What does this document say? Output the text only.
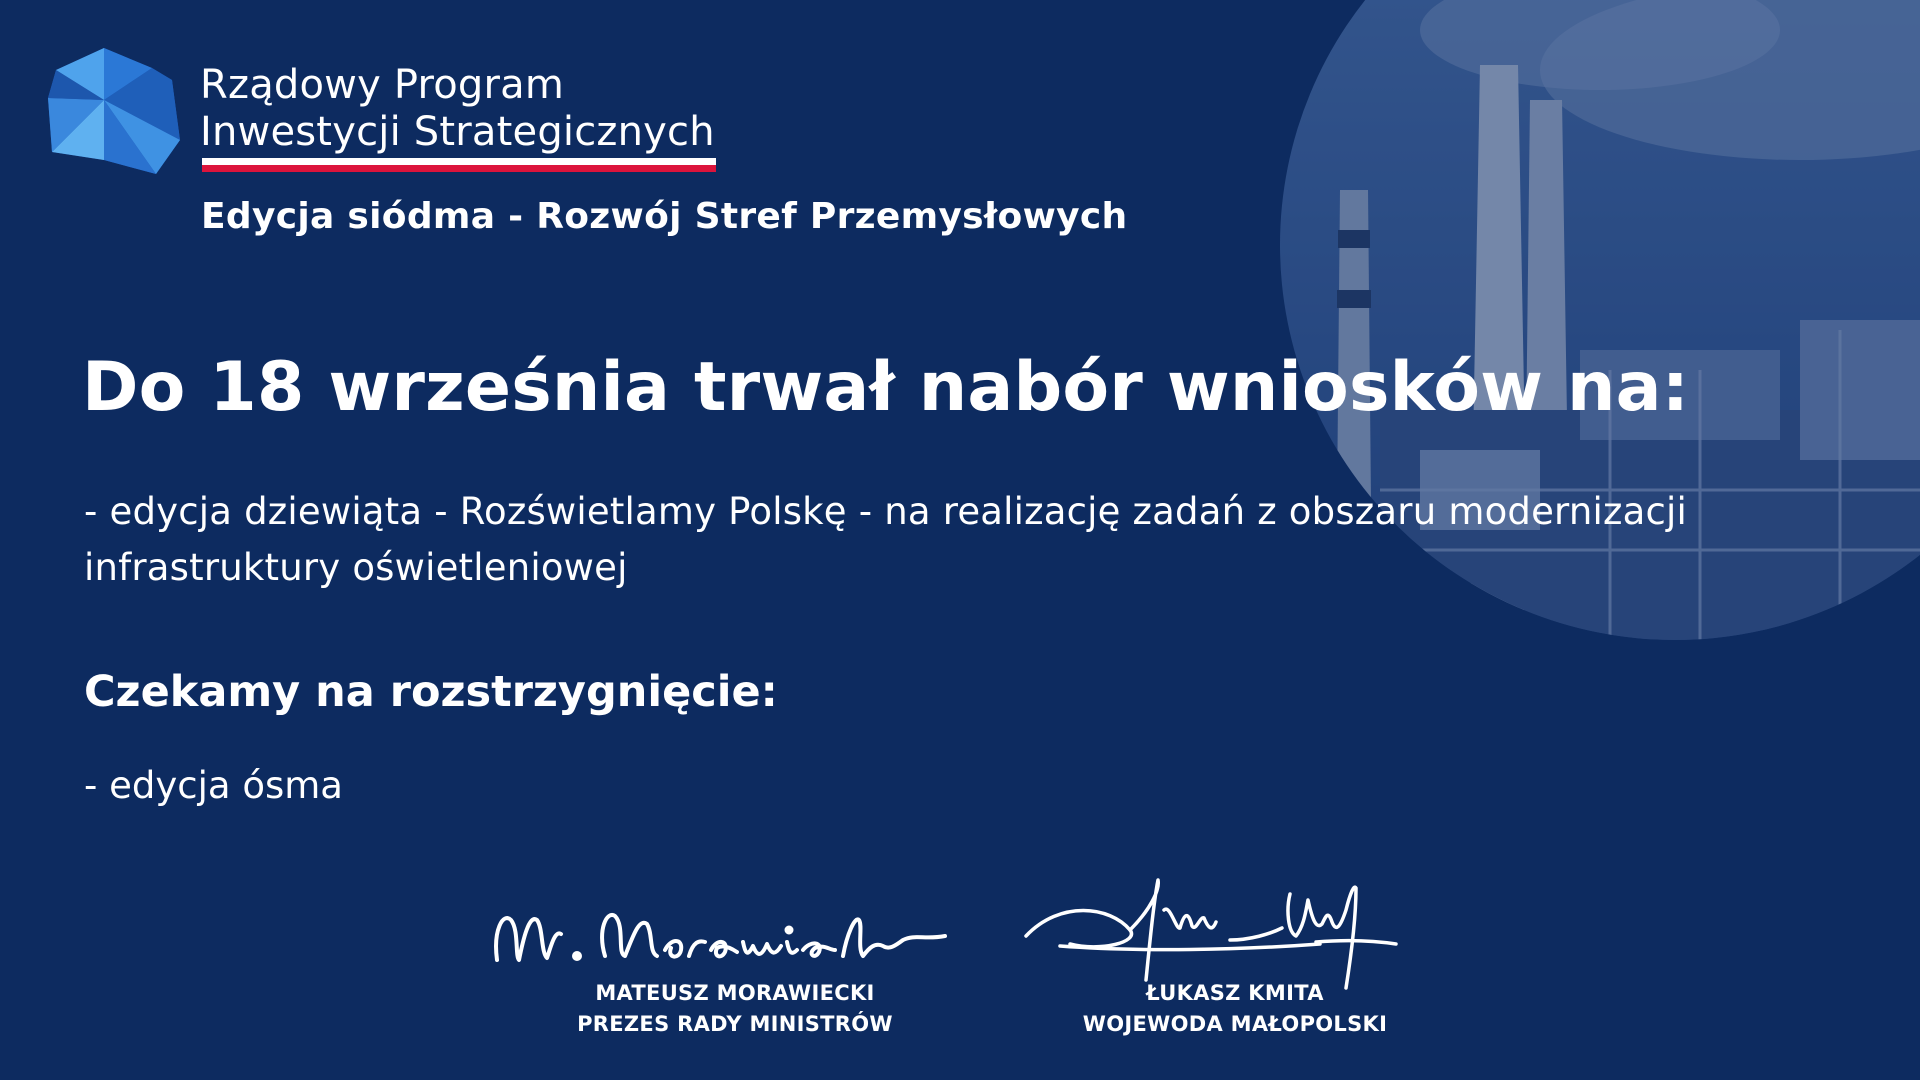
Rządowy Program
Inwestycji Strategicznych
Edycja siódma - Rozwój Stref Przemysłowych
Do 18 września trwał nabór wniosków na:
- edycja dziewiąta - Rozświetlamy Polskę - na realizację zadań z obszaru modernizacji infrastruktury oświetleniowej
Czekamy na rozstrzygnięcie:
- edycja ósma
MATEUSZ MORAWIECKI
PREZES RADY MINISTRÓW
ŁUKASZ KMITA
WOJEWODA MAŁOPOLSKI
